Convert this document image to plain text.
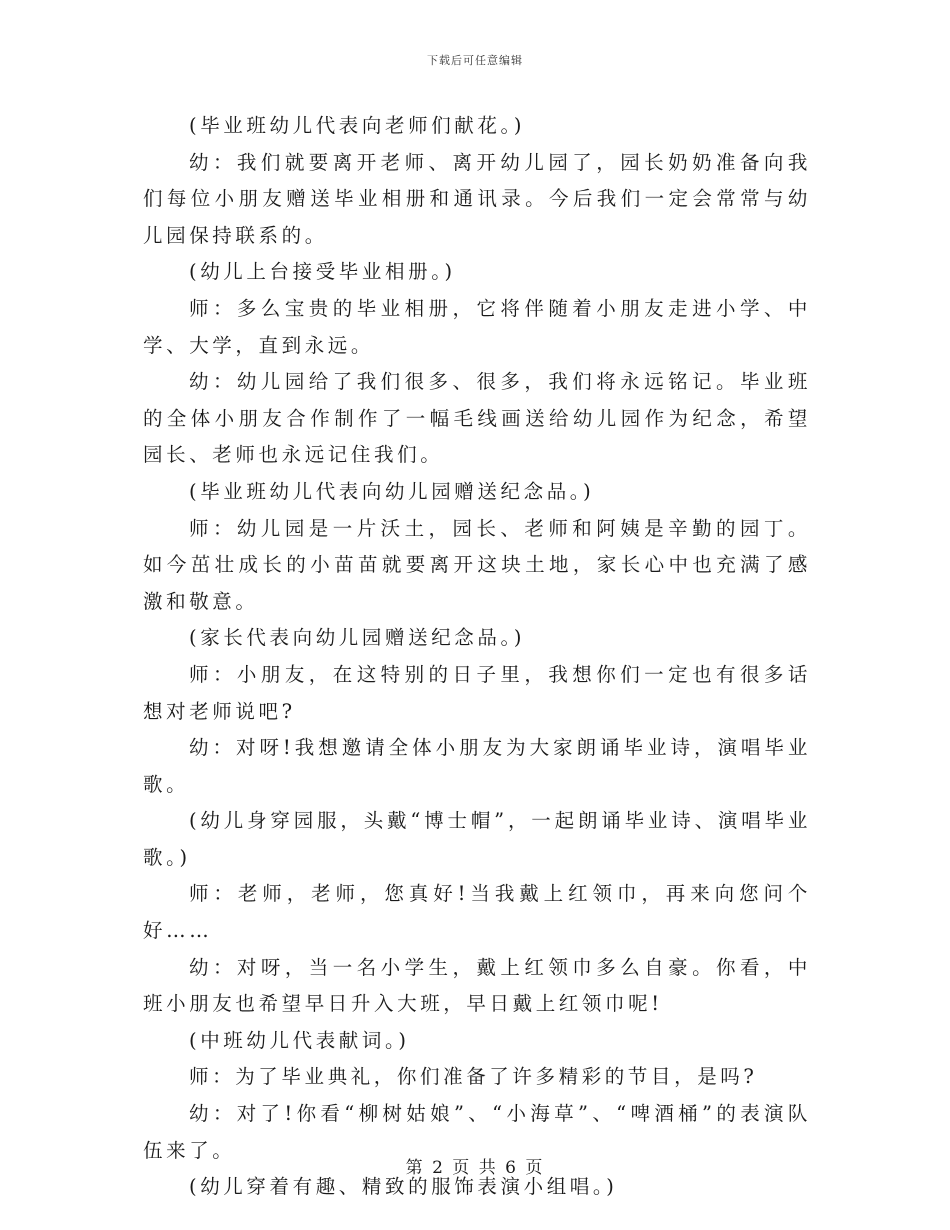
下载后可任意编辑

(毕业班幼儿代表向老师们献花。)

幼：我们就要离开老师、离开幼儿园了，园长奶奶准备向我们每位小朋友赠送毕业相册和通讯录。今后我们一定会常常与幼儿园保持联系的。

(幼儿上台接受毕业相册。)

师：多么宝贵的毕业相册，它将伴随着小朋友走进小学、中学、大学，直到永远。

幼：幼儿园给了我们很多、很多，我们将永远铭记。毕业班的全体小朋友合作制作了一幅毛线画送给幼儿园作为纪念，希望园长、老师也永远记住我们。

(毕业班幼儿代表向幼儿园赠送纪念品。)

师：幼儿园是一片沃土，园长、老师和阿姨是辛勤的园丁。如今茁壮成长的小苗苗就要离开这块土地，家长心中也充满了感激和敬意。

(家长代表向幼儿园赠送纪念品。)

师：小朋友，在这特别的日子里，我想你们一定也有很多话想对老师说吧?

幼：对呀!我想邀请全体小朋友为大家朗诵毕业诗，演唱毕业歌。

(幼儿身穿园服，头戴“博士帽”，一起朗诵毕业诗、演唱毕业歌。)

师：老师，老师，您真好!当我戴上红领巾，再来向您问个好……

幼：对呀，当一名小学生，戴上红领巾多么自豪。你看，中班小朋友也希望早日升入大班，早日戴上红领巾呢!

(中班幼儿代表献词。)

师：为了毕业典礼，你们准备了许多精彩的节目，是吗?

幼：对了!你看“柳树姑娘”、“小海草”、“啤酒桶”的表演队伍来了。

(幼儿穿着有趣、精致的服饰表演小组唱。)

第 2 页 共 6 页
